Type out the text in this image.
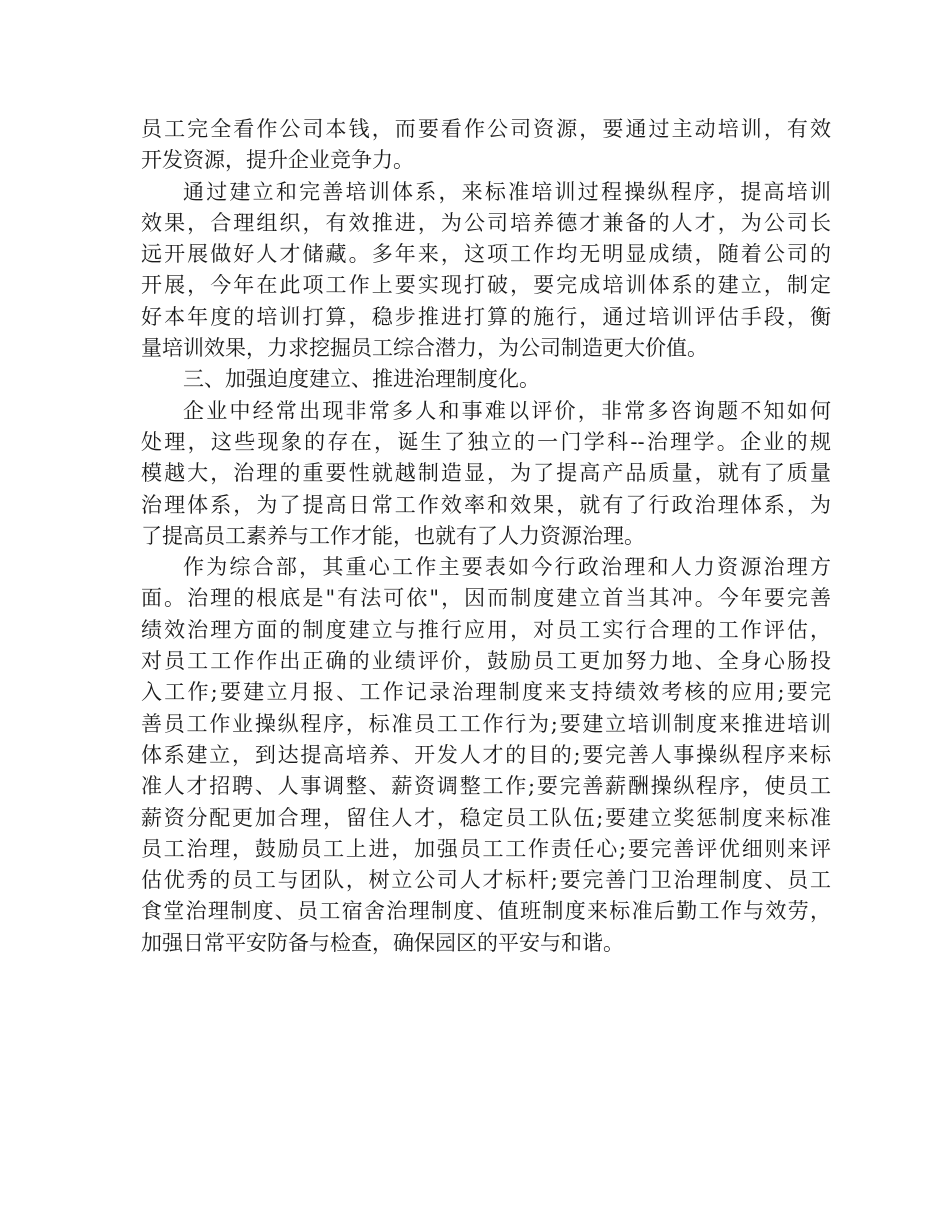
员工完全看作公司本钱，而要看作公司资源，要通过主动培训，有效
开发资源，提升企业竞争力。
通过建立和完善培训体系，来标准培训过程操纵程序，提高培训
效果，合理组织，有效推进，为公司培养德才兼备的人才，为公司长
远开展做好人才储藏。多年来，这项工作均无明显成绩，随着公司的
开展，今年在此项工作上要实现打破，要完成培训体系的建立，制定
好本年度的培训打算，稳步推进打算的施行，通过培训评估手段，衡
量培训效果，力求挖掘员工综合潜力，为公司制造更大价值。
三、加强迫度建立、推进治理制度化。
企业中经常出现非常多人和事难以评价，非常多咨询题不知如何
处理，这些现象的存在，诞生了独立的一门学科--治理学。企业的规
模越大，治理的重要性就越制造显，为了提高产品质量，就有了质量
治理体系，为了提高日常工作效率和效果，就有了行政治理体系，为
了提高员工素养与工作才能，也就有了人力资源治理。
作为综合部，其重心工作主要表如今行政治理和人力资源治理方
面。治理的根底是"有法可依"，因而制度建立首当其冲。今年要完善
绩效治理方面的制度建立与推行应用，对员工实行合理的工作评估，
对员工工作作出正确的业绩评价，鼓励员工更加努力地、全身心肠投
入工作;要建立月报、工作记录治理制度来支持绩效考核的应用;要完
善员工作业操纵程序，标准员工工作行为;要建立培训制度来推进培训
体系建立，到达提高培养、开发人才的目的;要完善人事操纵程序来标
准人才招聘、人事调整、薪资调整工作;要完善薪酬操纵程序，使员工
薪资分配更加合理，留住人才，稳定员工队伍;要建立奖惩制度来标准
员工治理，鼓励员工上进，加强员工工作责任心;要完善评优细则来评
估优秀的员工与团队，树立公司人才标杆;要完善门卫治理制度、员工
食堂治理制度、员工宿舍治理制度、值班制度来标准后勤工作与效劳，
加强日常平安防备与检查，确保园区的平安与和谐。
